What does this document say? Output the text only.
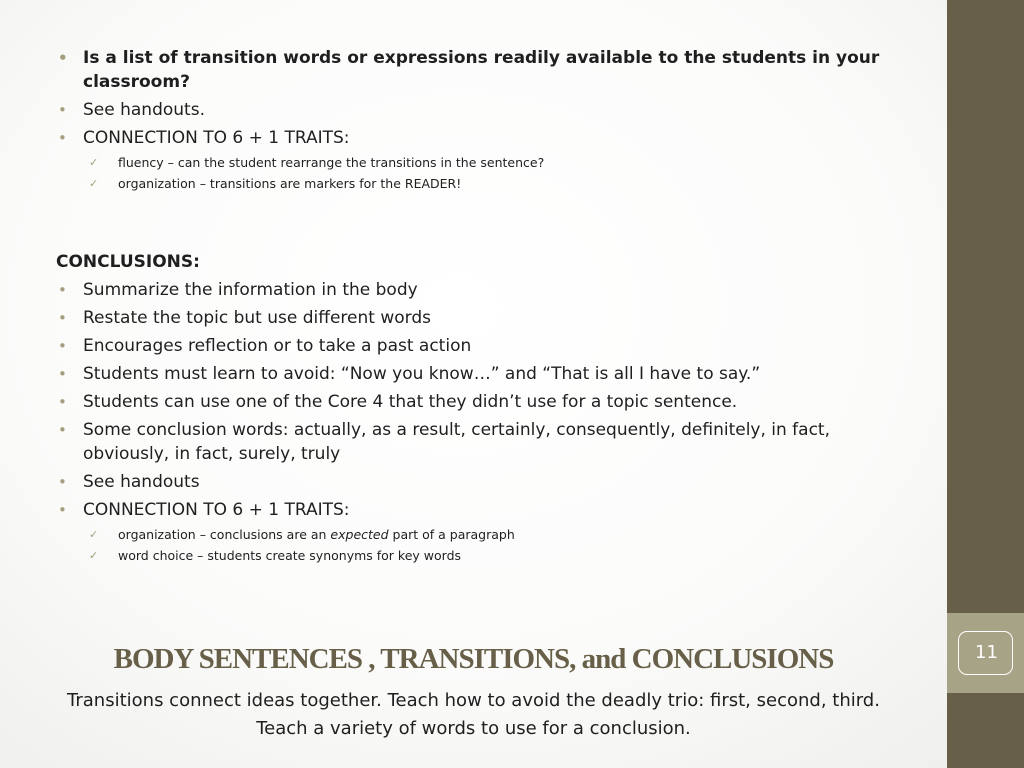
11
• Is a list of transition words or expressions readily available to the students in your classroom?
• See handouts.
• CONNECTION TO 6 + 1 TRAITS:
✓ fluency – can the student rearrange the transitions in the sentence?
✓ organization – transitions are markers for the READER!
CONCLUSIONS:
• Summarize the information in the body
• Restate the topic but use different words
• Encourages reflection or to take a past action
• Students must learn to avoid: “Now you know…” and “That is all I have to say.”
• Students can use one of the Core 4 that they didn’t use for a topic sentence.
• Some conclusion words: actually, as a result, certainly, consequently, definitely, in fact, obviously, in fact, surely, truly
• See handouts
• CONNECTION TO 6 + 1 TRAITS:
✓ organization – conclusions are an expected part of a paragraph
✓ word choice – students create synonyms for key words
BODY SENTENCES , TRANSITIONS, and CONCLUSIONS
Transitions connect ideas together. Teach how to avoid the deadly trio: first, second, third.
Teach a variety of words to use for a conclusion.
